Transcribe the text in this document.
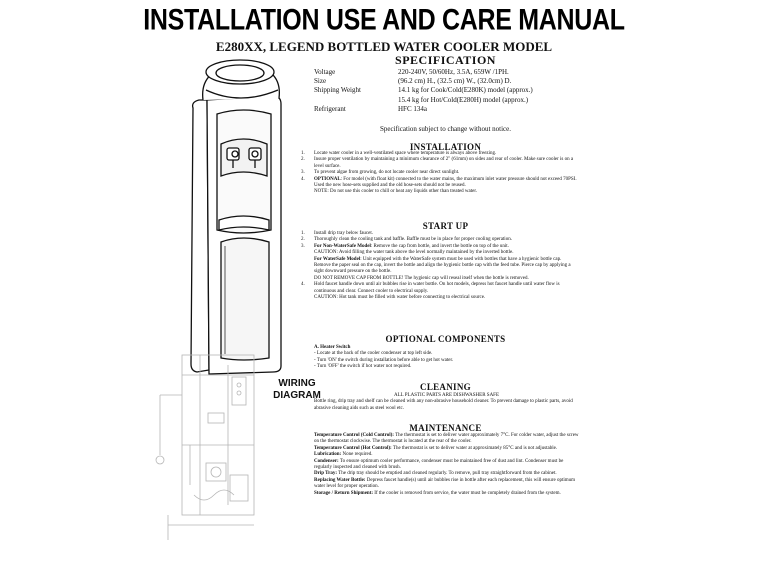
INSTALLATION USE AND CARE MANUAL
E280XX, LEGEND BOTTLED WATER COOLER MODEL
WIRING
DIAGRAM
SPECIFICATION
Voltage	220-240V, 50/60Hz, 3.5A, 659W /1PH.
Size	(96.2 cm) H., (32.5 cm) W., (32.0cm) D.
Shipping Weight	14.1 kg for Cook/Cold(E280K) model (approx.)
15.4 kg for Hot/Cold(E280H) model (approx.)
Refrigerant	HFC 134a
Specification subject to change without notice.
INSTALLATION
1.	Locate water cooler in a well-ventilated space where temperature is always above freezing.
2.	Insure proper ventilation by maintaining a minimum clearance of 2" (61mm) on sides and rear of cooler. Make sure cooler is on a level surface.
3.	To prevent algae from growing, do not locate cooler near direct sunlight.
4.	OPTIONAL: For model (with float kit) connected to the water mains, the maximum inlet water pressure should not exceed 70PSI. Used the new hose-sets supplied and the old hose-sets should not be reused.
NOTE: Do not use this cooler to chill or heat any liquids other than treated water.
START UP
1.	Install drip tray below faucet.
2.	Thoroughly clean the cooling tank and baffle. Baffle must be in place for proper cooling operation.
3.	For Non-WaterSafe Model: Remove the cap from bottle, and invert the bottle on top of the unit.
CAUTION: Avoid filling the water tank above the level normally maintained by the inverted bottle.
For WaterSafe Model: Unit equipped with the WaterSafe system must be used with bottles that have a hygienic bottle cap. Remove the paper seal on the cap, invert the bottle and align the hygienic bottle cap with the feed tube. Pierce cap by applying a sight downward pressure on the bottle.
DO NOT REMOVE CAP FROM BOTTLE! The hygienic cap will reseal itself when the bottle is removed.
4.	Hold faucet handle down until air bubbles rise in water bottle. On hot models, depress hot faucet handle until water flow is continuous and clear. Connect cooler to electrical supply.
CAUTION: Hot tank must be filled with water before connecting to electrical source.
OPTIONAL COMPONENTS
A. Heater Switch
- Locate at the back of the cooler condenser at top left side.
- Turn 'ON' the switch during installation before able to get hot water.
- Turn 'OFF' the switch if hot water not required.
CLEANING
ALL PLASTIC PARTS ARE DISHWASHER SAFE
Bottle ring, drip tray and shelf can be cleaned with any non-abrasive household cleaner. To prevent damage to plastic parts, avoid abrasive cleaning aids such as steel wool etc.
MAINTENANCE
Temperature Control (Cold Control): The thermostat is set to deliver water approximately 7°C. For colder water, adjust the screw on the thermostat clockwise. The thermostat is located at the rear of the cooler.
Temperature Control (Hot Control): The thermostat is set to deliver water at approximately 85°C and is not adjustable.
Lubrication: None required.
Condenser: To ensure optimum cooler performance, condenser must be maintained free of dust and lint. Condenser must be regularly inspected and cleaned with brush.
Drip Tray: The drip tray should be emptied and cleaned regularly. To remove, pull tray straightforward from the cabinet.
Replacing Water Bottle: Depress faucet handle(s) until air bubbles rise in bottle after each replacement, this will ensure optimum water level for proper operation.
Storage / Return Shipment: If the cooler is removed from service, the water must be completely drained from the system.
